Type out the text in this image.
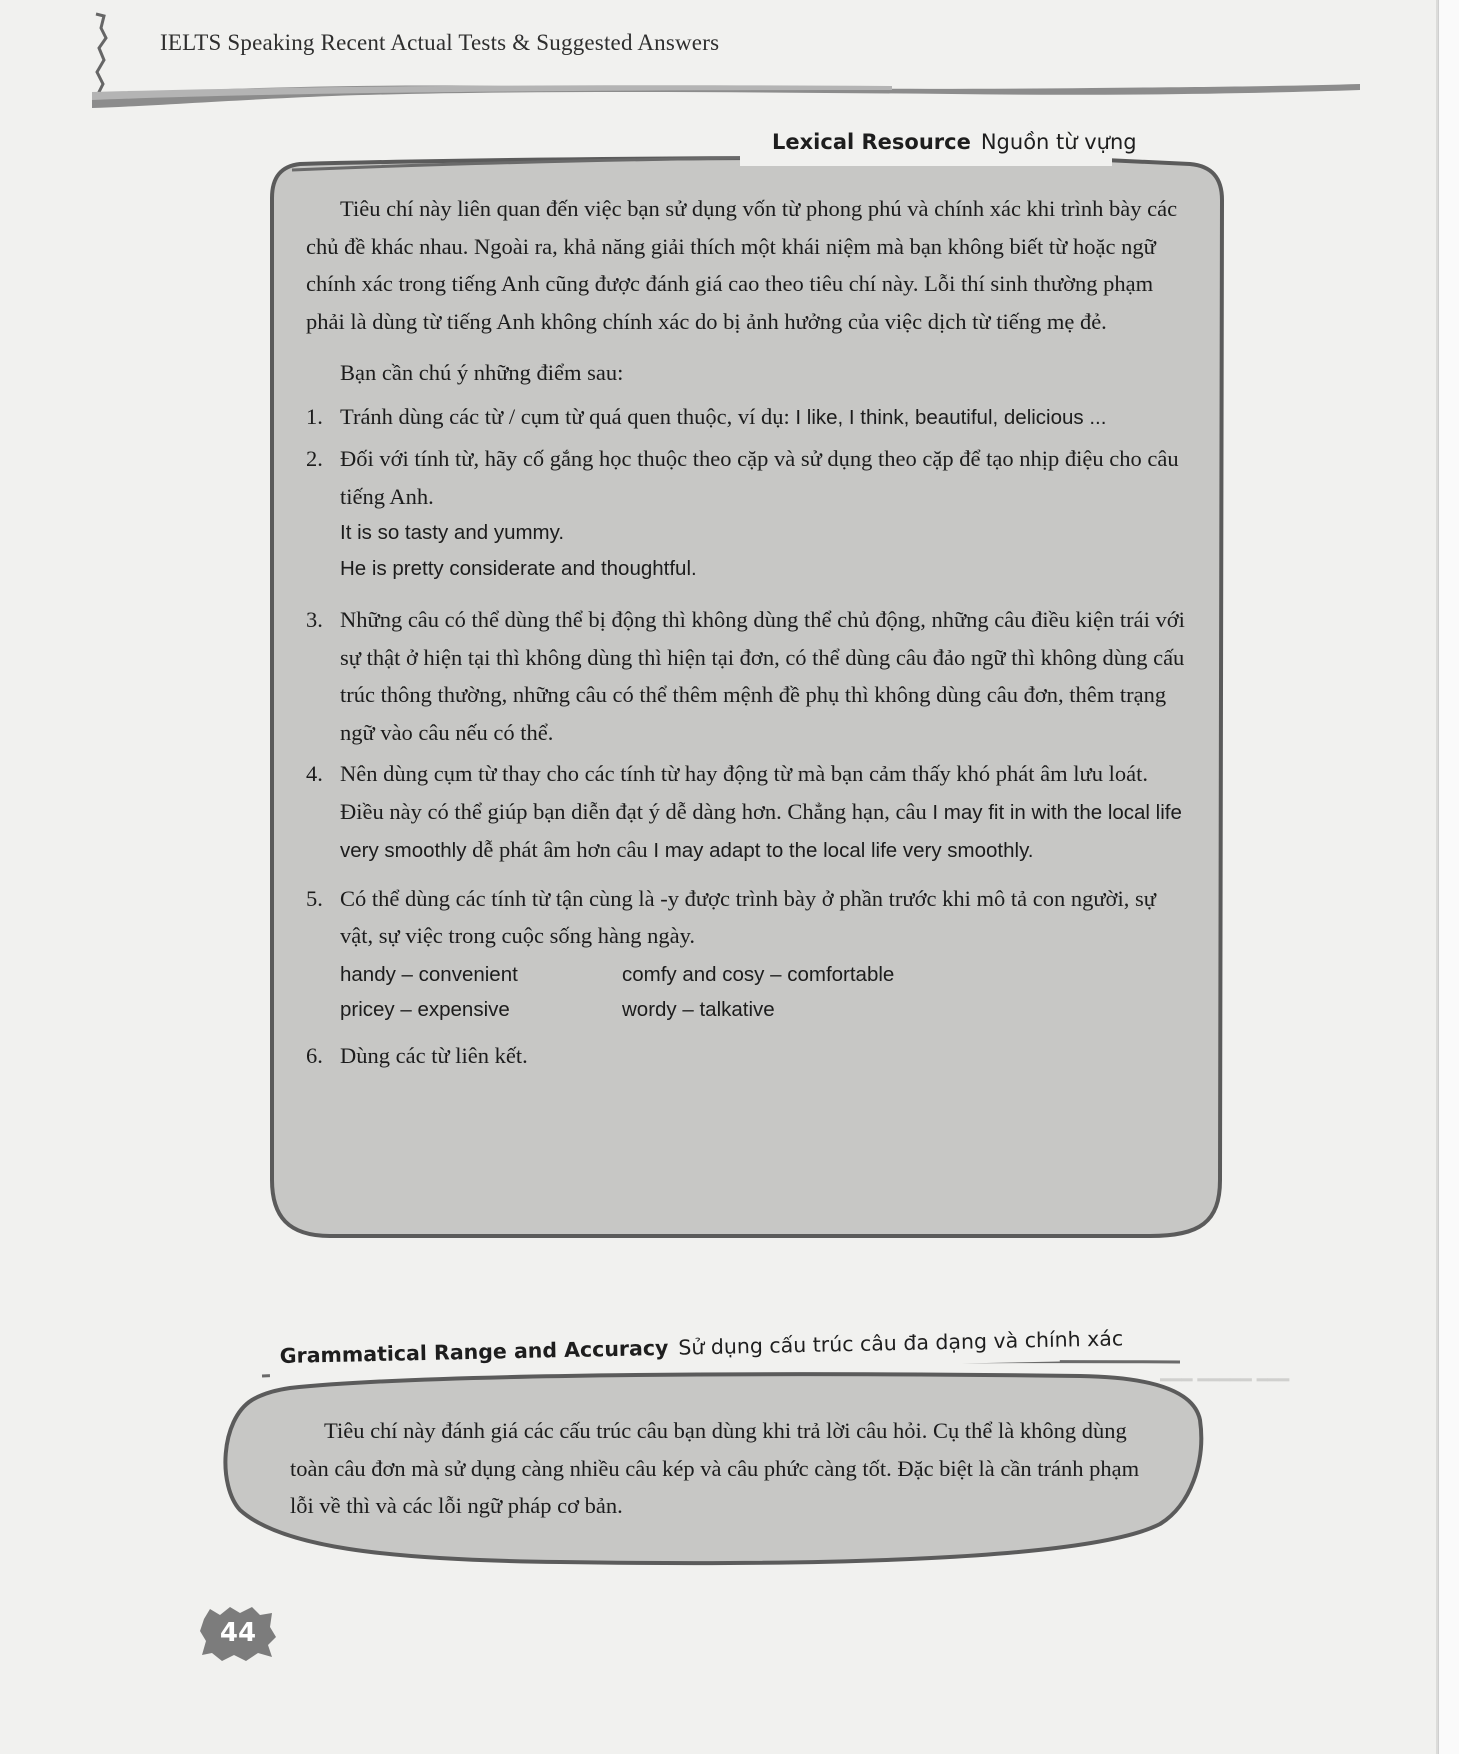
IELTS Speaking Recent Actual Tests & Suggested Answers
━━━ ━━━━━ ━━━
Lexical Resource Nguồn từ vựng

Tiêu chí này liên quan đến việc bạn sử dụng vốn từ phong phú và chính xác khi trình bày các chủ đề khác nhau. Ngoài ra, khả năng giải thích một khái niệm mà bạn không biết từ hoặc ngữ chính xác trong tiếng Anh cũng được đánh giá cao theo tiêu chí này. Lỗi thí sinh thường phạm phải là dùng từ tiếng Anh không chính xác do bị ảnh hưởng của việc dịch từ tiếng mẹ đẻ.

Bạn cần chú ý những điểm sau:

1. Tránh dùng các từ / cụm từ quá quen thuộc, ví dụ: I like, I think, beautiful, delicious ...
2. Đối với tính từ, hãy cố gắng học thuộc theo cặp và sử dụng theo cặp để tạo nhịp điệu cho câu tiếng Anh.
It is so tasty and yummy.
He is pretty considerate and thoughtful.
3. Những câu có thể dùng thể bị động thì không dùng thể chủ động, những câu điều kiện trái với sự thật ở hiện tại thì không dùng thì hiện tại đơn, có thể dùng câu đảo ngữ thì không dùng cấu trúc thông thường, những câu có thể thêm mệnh đề phụ thì không dùng câu đơn, thêm trạng ngữ vào câu nếu có thể.
4. Nên dùng cụm từ thay cho các tính từ hay động từ mà bạn cảm thấy khó phát âm lưu loát. Điều này có thể giúp bạn diễn đạt ý dễ dàng hơn. Chẳng hạn, câu I may fit in with the local life very smoothly dễ phát âm hơn câu I may adapt to the local life very smoothly.
5. Có thể dùng các tính từ tận cùng là -y được trình bày ở phần trước khi mô tả con người, sự vật, sự việc trong cuộc sống hàng ngày.
handy – convenient	comfy and cosy – comfortable
pricey – expensive	wordy – talkative
6. Dùng các từ liên kết.
Grammatical Range and Accuracy Sử dụng cấu trúc câu đa dạng và chính xác

Tiêu chí này đánh giá các cấu trúc câu bạn dùng khi trả lời câu hỏi. Cụ thể là không dùng toàn câu đơn mà sử dụng càng nhiều câu kép và câu phức càng tốt. Đặc biệt là cần tránh phạm lỗi về thì và các lỗi ngữ pháp cơ bản.

44
